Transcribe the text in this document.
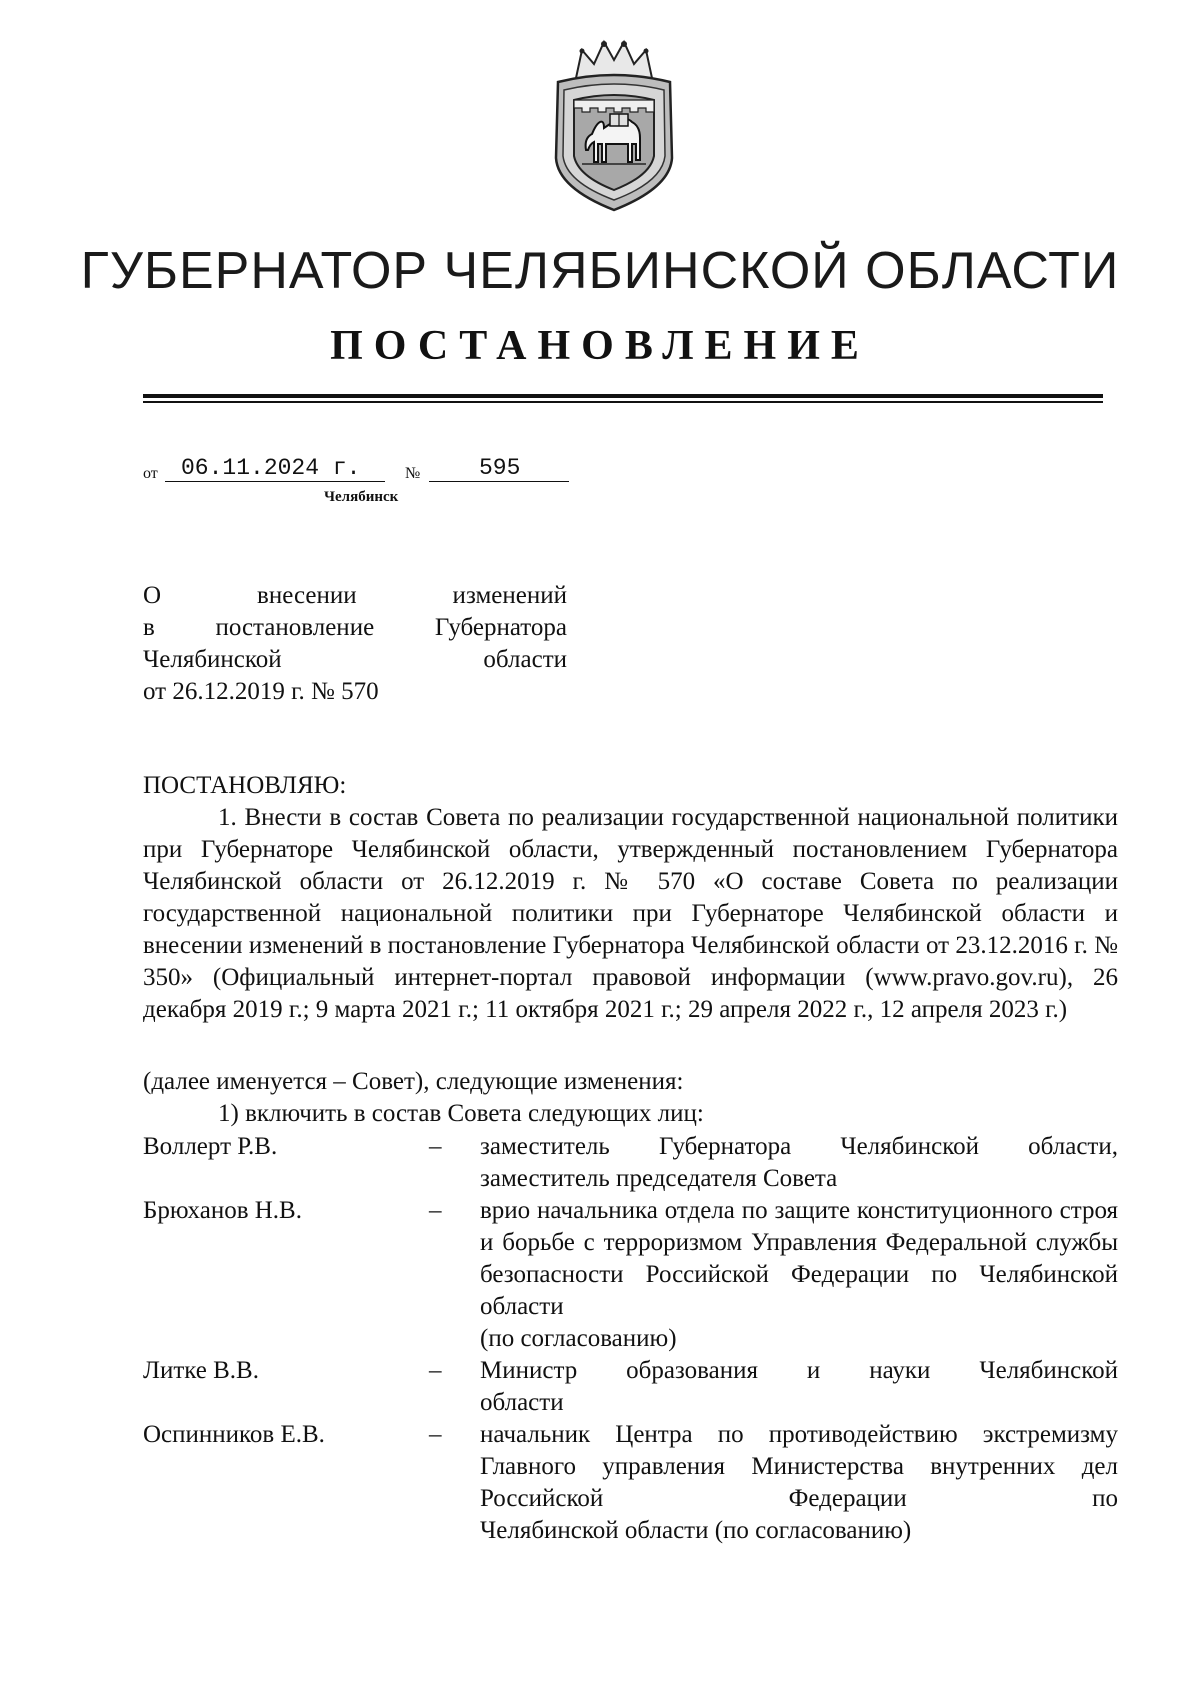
ГУБЕРНАТОР ЧЕЛЯБИНСКОЙ ОБЛАСТИ
ПОСТАНОВЛЕНИЕ
от	06.11.2024 г.	№	595
Челябинск
О внесении изменений
в постановление Губернатора
Челябинской области
от 26.12.2019 г. № 570
ПОСТАНОВЛЯЮ:
1. Внести в состав Совета по реализации государственной национальной политики при Губернаторе Челябинской области, утвержденный постановлением Губернатора Челябинской области от 26.12.2019 г. № 570 «О составе Совета по реализации государственной национальной политики при Губернаторе Челябинской области и внесении изменений в постановление Губернатора Челябинской области от 23.12.2016 г. № 350» (Официальный интернет-портал правовой информации (www.pravo.gov.ru), 26 декабря 2019 г.; 9 марта 2021 г.; 11 октября 2021 г.; 29 апреля 2022 г., 12 апреля 2023 г.)
(далее именуется – Совет), следующие изменения:
1) включить в состав Совета следующих лиц:
Воллерт Р.В.	–	заместитель Губернатора Челябинской области,
заместитель председателя Совета
Брюханов Н.В.	–	врио начальника отдела по защите конституционного строя и борьбе с терроризмом Управления Федеральной службы безопасности Российской Федерации по Челябинской области
(по согласованию)
Литке В.В.	–	Министр образования и науки Челябинской
области
Оспинников Е.В.	–	начальник Центра по противодействию экстремизму Главного управления Министерства внутренних дел Российской Федерации по
Челябинской области (по согласованию)
